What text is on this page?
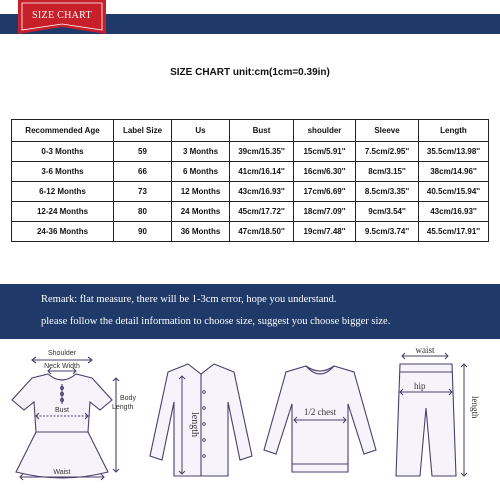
SIZE CHART
SIZE CHART unit:cm(1cm=0.39in)
Recommended Age	Label Size	Us	Bust	shoulder	Sleeve	Length
0-3 Months	59	3 Months	39cm/15.35''	15cm/5.91''	7.5cm/2.95''	35.5cm/13.98''
3-6 Months	66	6 Months	41cm/16.14''	16cm/6.30''	8cm/3.15''	38cm/14.96''
6-12 Months	73	12 Months	43cm/16.93''	17cm/6.69''	8.5cm/3.35''	40.5cm/15.94''
12-24 Months	80	24 Months	45cm/17.72''	18cm/7.09''	9cm/3.54''	43cm/16.93''
24-36 Months	90	36 Months	47cm/18.50''	19cm/7.48''	9.5cm/3.74''	45.5cm/17.91''
Remark: flat measure, there will be 1-3cm error, hope you understand.
please follow the detail information to choose size, suggest you choose bigger size.
Shoulder
Neck Width
Bust
Waist
Body
Length
length	1/2 chest
waist
hip
length
